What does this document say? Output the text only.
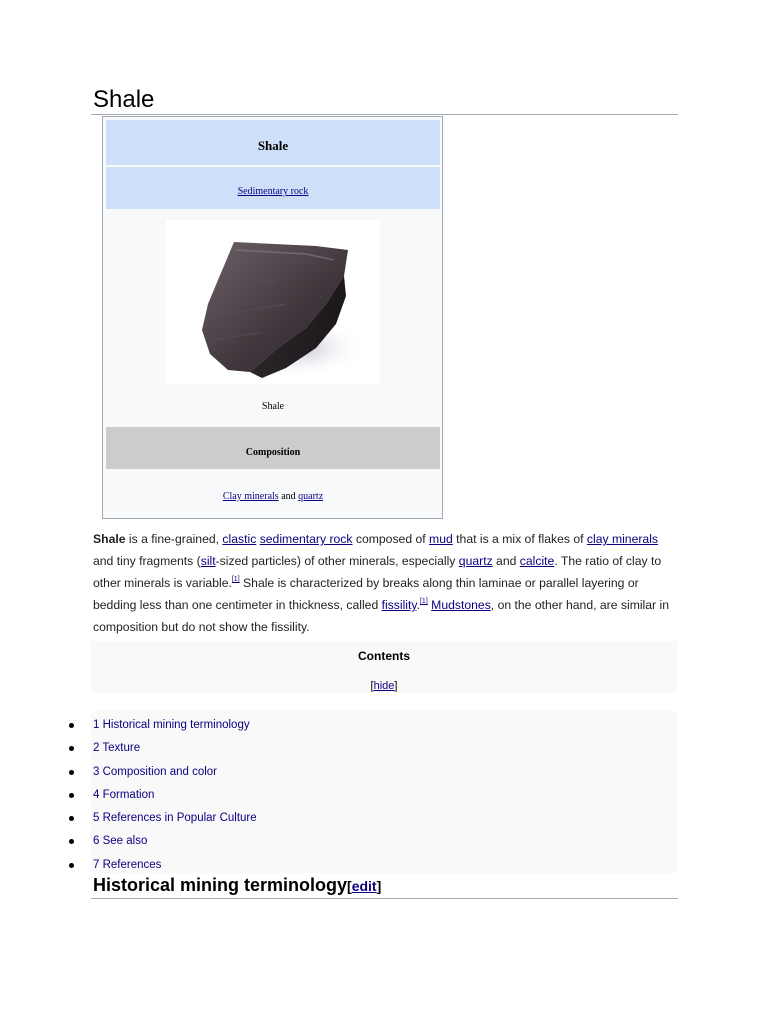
Shale
Shale
Sedimentary rock
Shale
Composition
Clay minerals and quartz

Shale is a fine-grained, clastic sedimentary rock composed of mud that is a mix of flakes of clay minerals and tiny fragments (silt-sized particles) of other minerals, especially quartz and calcite. The ratio of clay to other minerals is variable.[1] Shale is characterized by breaks along thin laminae or parallel layering or bedding less than one centimeter in thickness, called fissility.[1] Mudstones, on the other hand, are similar in composition but do not show the fissility.

Contents
[hide]
1 Historical mining terminology
2 Texture
3 Composition and color
4 Formation
5 References in Popular Culture
6 See also
7 References
Historical mining terminology[edit]
